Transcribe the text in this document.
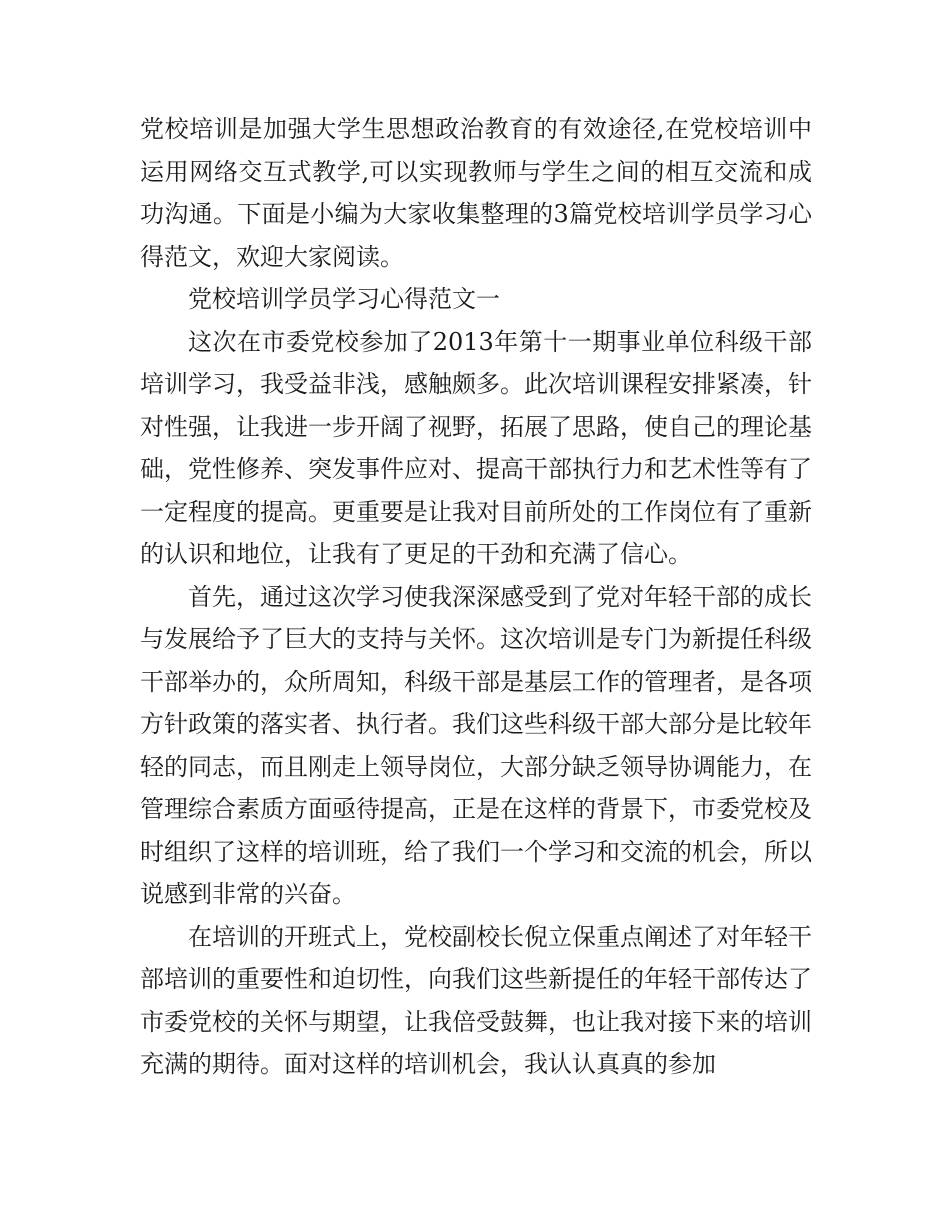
党校培训是加强大学生思想政治教育的有效途径,在党校培训中运用网络交互式教学,可以实现教师与学生之间的相互交流和成功沟通。下面是小编为大家收集整理的3篇党校培训学员学习心得范文，欢迎大家阅读。

党校培训学员学习心得范文一

这次在市委党校参加了2013年第十一期事业单位科级干部培训学习，我受益非浅，感触颇多。此次培训课程安排紧凑，针对性强，让我进一步开阔了视野，拓展了思路，使自己的理论基础，党性修养、突发事件应对、提高干部执行力和艺术性等有了一定程度的提高。更重要是让我对目前所处的工作岗位有了重新的认识和地位，让我有了更足的干劲和充满了信心。

首先，通过这次学习使我深深感受到了党对年轻干部的成长与发展给予了巨大的支持与关怀。这次培训是专门为新提任科级干部举办的，众所周知，科级干部是基层工作的管理者，是各项方针政策的落实者、执行者。我们这些科级干部大部分是比较年轻的同志，而且刚走上领导岗位，大部分缺乏领导协调能力，在管理综合素质方面亟待提高，正是在这样的背景下，市委党校及时组织了这样的培训班，给了我们一个学习和交流的机会，所以说感到非常的兴奋。

在培训的开班式上，党校副校长倪立保重点阐述了对年轻干部培训的重要性和迫切性，向我们这些新提任的年轻干部传达了市委党校的关怀与期望，让我倍受鼓舞，也让我对接下来的培训充满的期待。面对这样的培训机会，我认认真真的参加
